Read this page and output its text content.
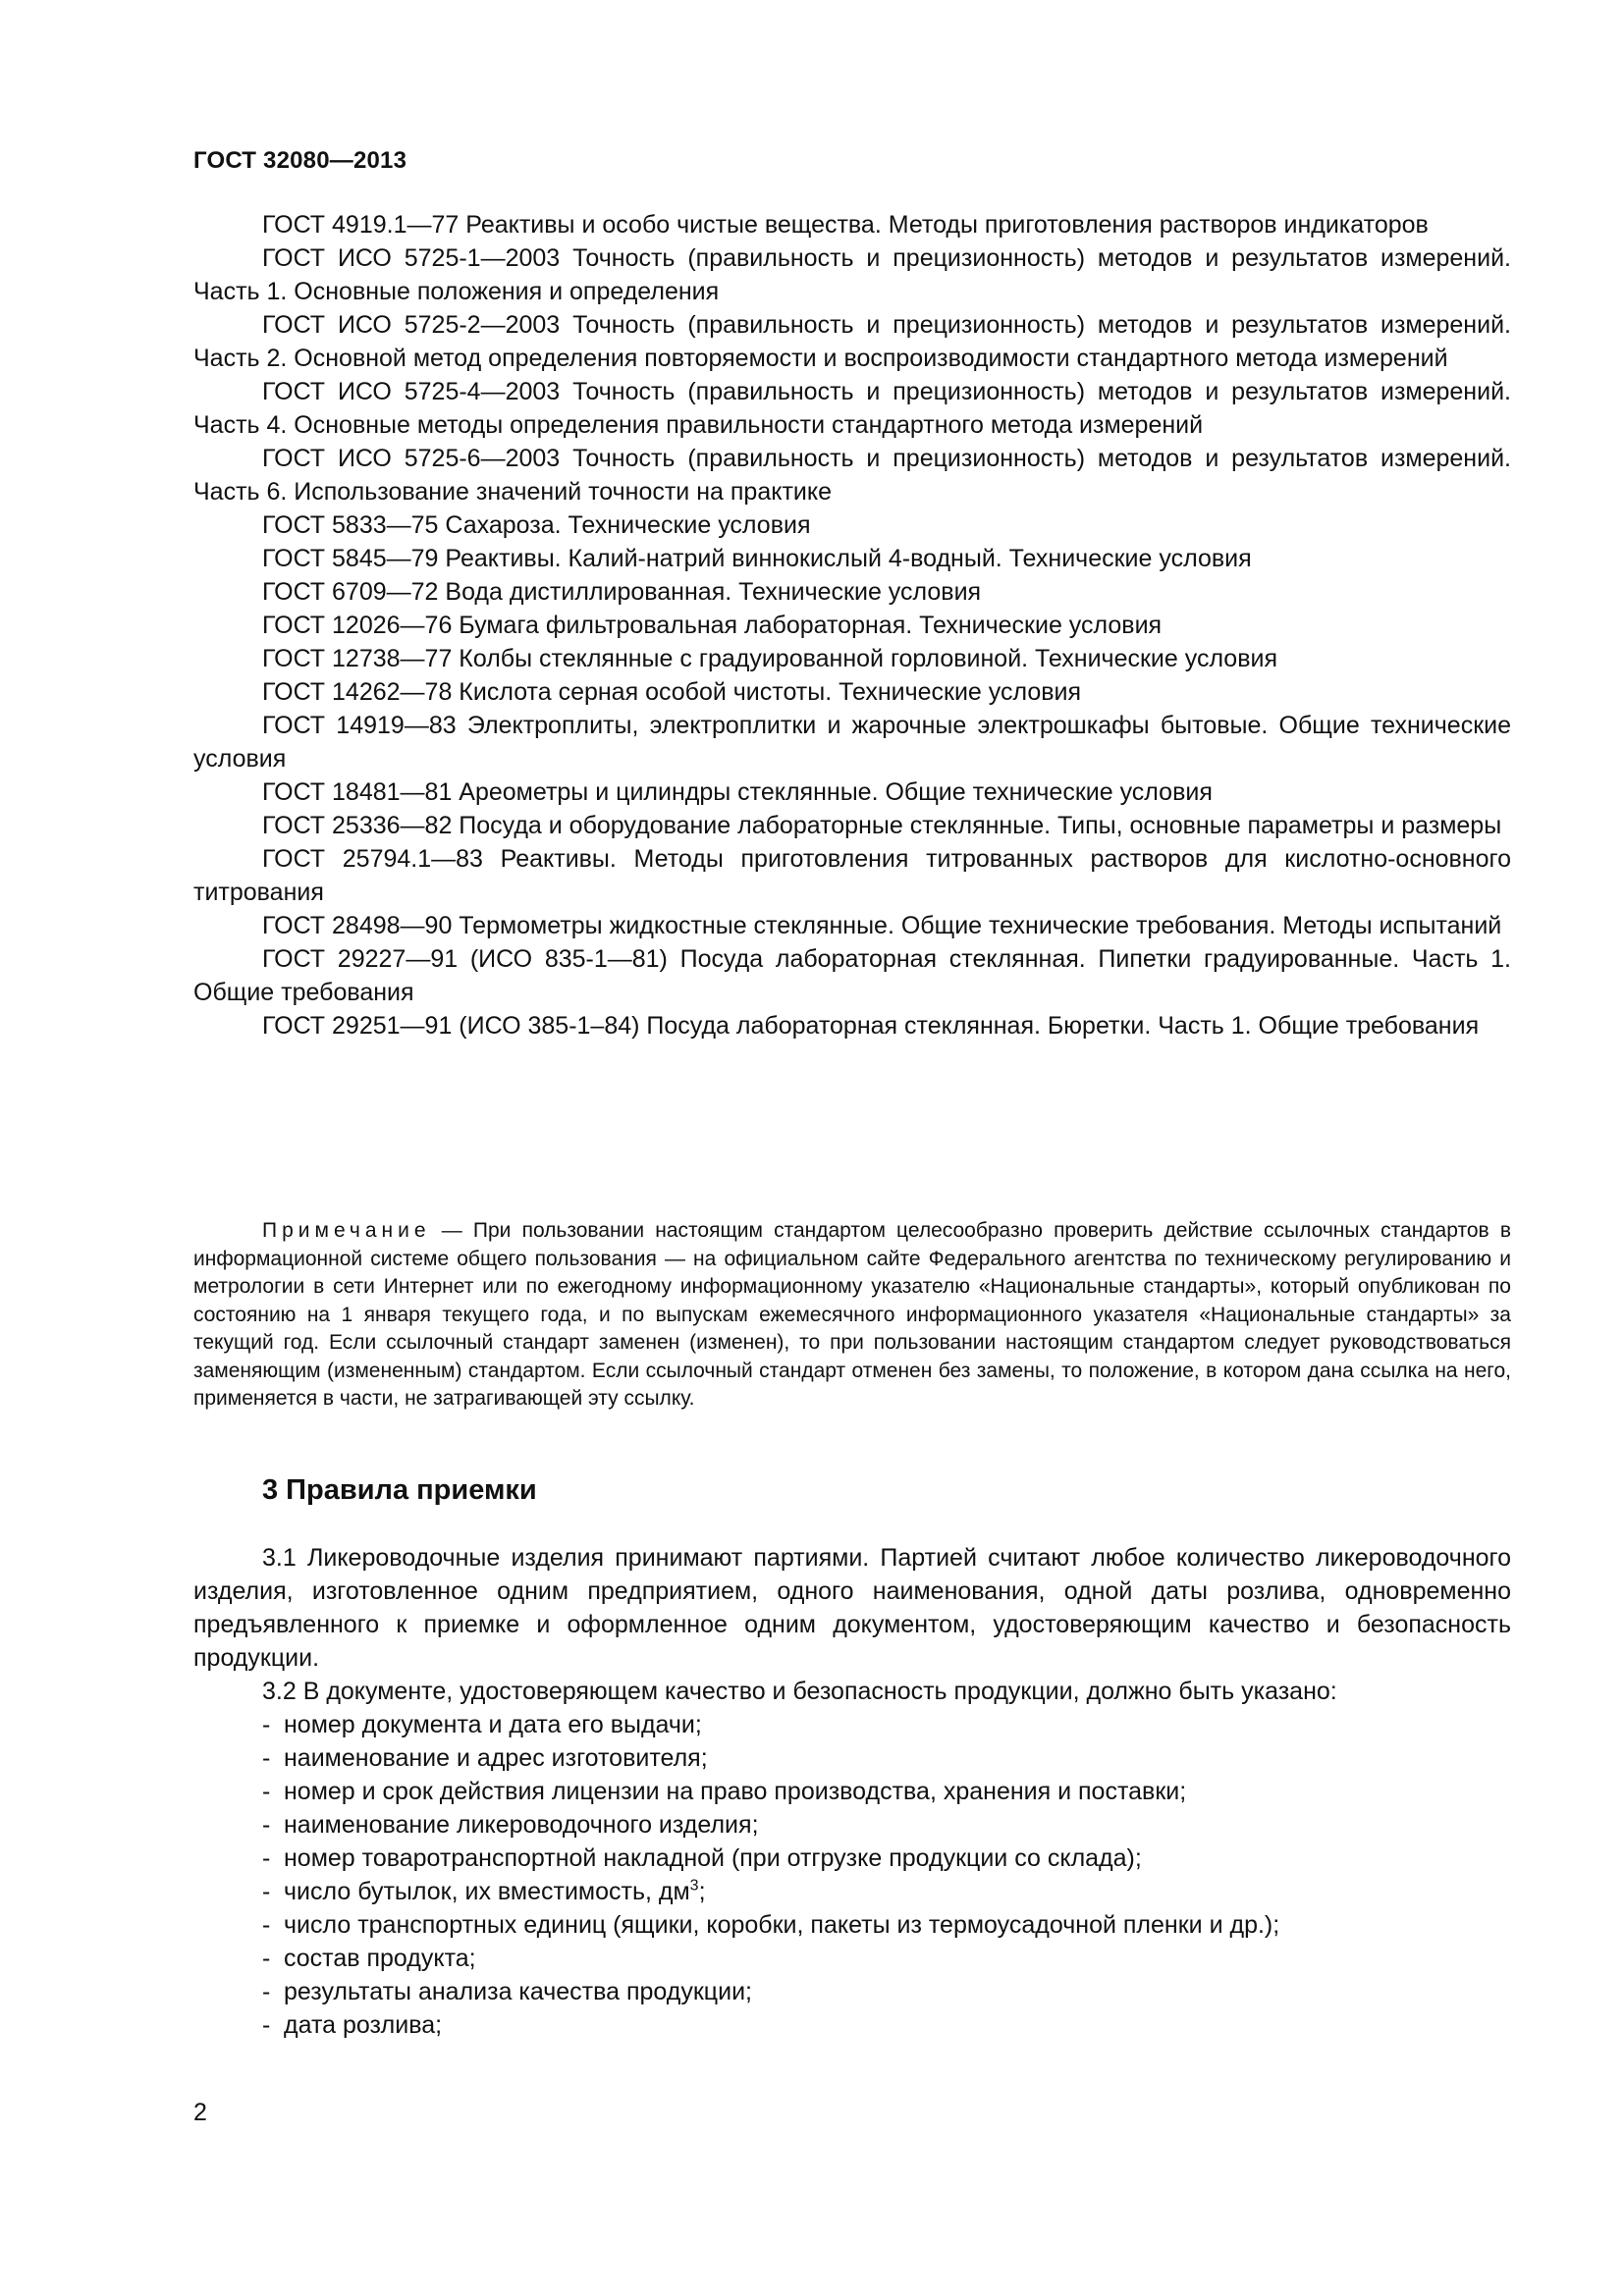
ГОСТ 32080—2013

ГОСТ 4919.1—77 Реактивы и особо чистые вещества. Методы приготовления растворов индикаторов

ГОСТ ИСО 5725-1—2003 Точность (правильность и прецизионность) методов и результатов измерений. Часть 1. Основные положения и определения

ГОСТ ИСО 5725-2—2003 Точность (правильность и прецизионность) методов и результатов измерений. Часть 2. Основной метод определения повторяемости и воспроизводимости стандартного метода измерений

ГОСТ ИСО 5725-4—2003 Точность (правильность и прецизионность) методов и результатов измерений. Часть 4. Основные методы определения правильности стандартного метода измерений

ГОСТ ИСО 5725-6—2003 Точность (правильность и прецизионность) методов и результатов измерений. Часть 6. Использование значений точности на практике

ГОСТ 5833—75 Сахароза. Технические условия

ГОСТ 5845—79 Реактивы. Калий-натрий виннокислый 4-водный. Технические условия

ГОСТ 6709—72 Вода дистиллированная. Технические условия

ГОСТ 12026—76 Бумага фильтровальная лабораторная. Технические условия

ГОСТ 12738—77 Колбы стеклянные с градуированной горловиной. Технические условия

ГОСТ 14262—78 Кислота серная особой чистоты. Технические условия

ГОСТ 14919—83 Электроплиты, электроплитки и жарочные электрошкафы бытовые. Общие технические условия

ГОСТ 18481—81 Ареометры и цилиндры стеклянные. Общие технические условия

ГОСТ 25336—82 Посуда и оборудование лабораторные стеклянные. Типы, основные параметры и размеры

ГОСТ 25794.1—83 Реактивы. Методы приготовления титрованных растворов для кислотно-основного титрования

ГОСТ 28498—90 Термометры жидкостные стеклянные. Общие технические требования. Методы испытаний

ГОСТ 29227—91 (ИСО 835-1—81) Посуда лабораторная стеклянная. Пипетки градуированные. Часть 1. Общие требования

ГОСТ 29251—91 (ИСО 385-1–84) Посуда лабораторная стеклянная. Бюретки. Часть 1. Общие требования

Примечание — При пользовании настоящим стандартом целесообразно проверить действие ссылочных стандартов в информационной системе общего пользования — на официальном сайте Федерального агентства по техническому регулированию и метрологии в сети Интернет или по ежегодному информационному указателю «Национальные стандарты», который опубликован по состоянию на 1 января текущего года, и по выпускам ежемесячного информационного указателя «Национальные стандарты» за текущий год. Если ссылочный стандарт заменен (изменен), то при пользовании настоящим стандартом следует руководствоваться заменяющим (измененным) стандартом. Если ссылочный стандарт отменен без замены, то положение, в котором дана ссылка на него, применяется в части, не затрагивающей эту ссылку.
3 Правила приемки

3.1 Ликероводочные изделия принимают партиями. Партией считают любое количество ликероводочного изделия, изготовленное одним предприятием, одного наименования, одной даты розлива, одновременно предъявленного к приемке и оформленное одним документом, удостоверяющим качество и безопасность продукции.

3.2 В документе, удостоверяющем качество и безопасность продукции, должно быть указано:

- номер документа и дата его выдачи;
- наименование и адрес изготовителя;
- номер и срок действия лицензии на право производства, хранения и поставки;
- наименование ликероводочного изделия;
- номер товаротранспортной накладной (при отгрузке продукции со склада);
- число бутылок, их вместимость, $дм^3$;
- число транспортных единиц (ящики, коробки, пакеты из термоусадочной пленки и др.);
- состав продукта;
- результаты анализа качества продукции;
- дата розлива;
2
